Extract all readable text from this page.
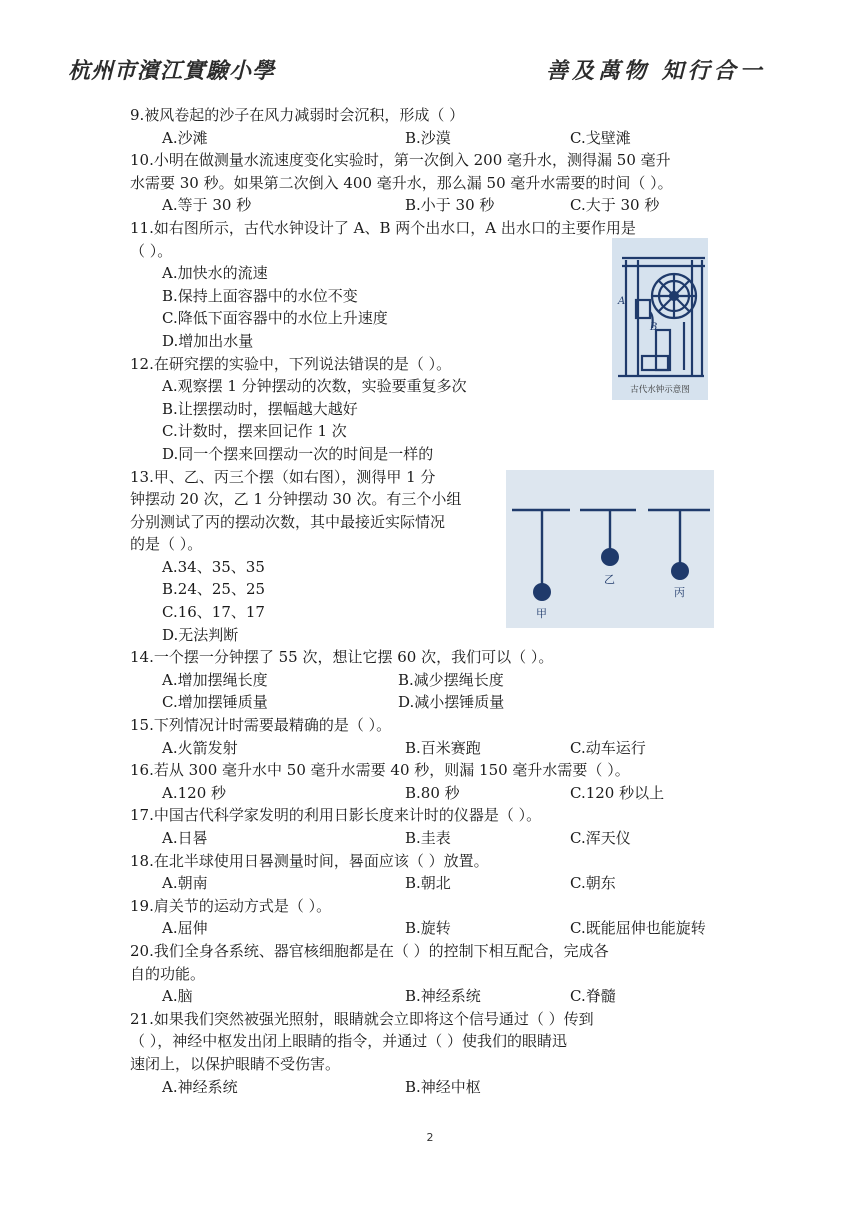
杭州市濱江實驗小學	善及萬物 知行合一
9.被风卷起的沙子在风力减弱时会沉积，形成（ ）
A.沙滩	B.沙漠	C.戈壁滩
10.小明在做测量水流速度变化实验时，第一次倒入 200 毫升水，测得漏 50 毫升
水需要 30 秒。如果第二次倒入 400 毫升水，那么漏 50 毫升水需要的时间（ ）。
A.等于 30 秒	B.小于 30 秒	C.大于 30 秒
11.如右图所示，古代水钟设计了 A、B 两个出水口，A 出水口的主要作用是
（ ）。
A.加快水的流速
B.保持上面容器中的水位不变
C.降低下面容器中的水位上升速度
D.增加出水量
12.在研究摆的实验中，下列说法错误的是（ ）。
A.观察摆 1 分钟摆动的次数，实验要重复多次
B.让摆摆动时，摆幅越大越好
C.计数时，摆来回记作 1 次
D.同一个摆来回摆动一次的时间是一样的
13.甲、乙、丙三个摆（如右图），测得甲 1 分
钟摆动 20 次，乙 1 分钟摆动 30 次。有三个小组
分别测试了丙的摆动次数，其中最接近实际情况
的是（ ）。
A.34、35、35
B.24、25、25
C.16、17、17
D.无法判断
14.一个摆一分钟摆了 55 次，想让它摆 60 次，我们可以（ ）。
A.增加摆绳长度	B.减少摆绳长度
C.增加摆锤质量	D.减小摆锤质量
15.下列情况计时需要最精确的是（ ）。
A.火箭发射	B.百米赛跑	C.动车运行
16.若从 300 毫升水中 50 毫升水需要 40 秒，则漏 150 毫升水需要（ ）。
A.120 秒	B.80 秒	C.120 秒以上
17.中国古代科学家发明的利用日影长度来计时的仪器是（ ）。
A.日晷	B.圭表	C.浑天仪
18.在北半球使用日晷测量时间，晷面应该（ ）放置。
A.朝南	B.朝北	C.朝东
19.肩关节的运动方式是（ ）。
A.屈伸	B.旋转	C.既能屈伸也能旋转
20.我们全身各系统、器官核细胞都是在（ ）的控制下相互配合，完成各
自的功能。
A.脑	B.神经系统	C.脊髓
21.如果我们突然被强光照射，眼睛就会立即将这个信号通过（ ）传到
（ ），神经中枢发出闭上眼睛的指令，并通过（ ）使我们的眼睛迅
速闭上，以保护眼睛不受伤害。
A.神经系统	B.神经中枢
A
B
古代水钟示意图
甲
乙
丙
2
